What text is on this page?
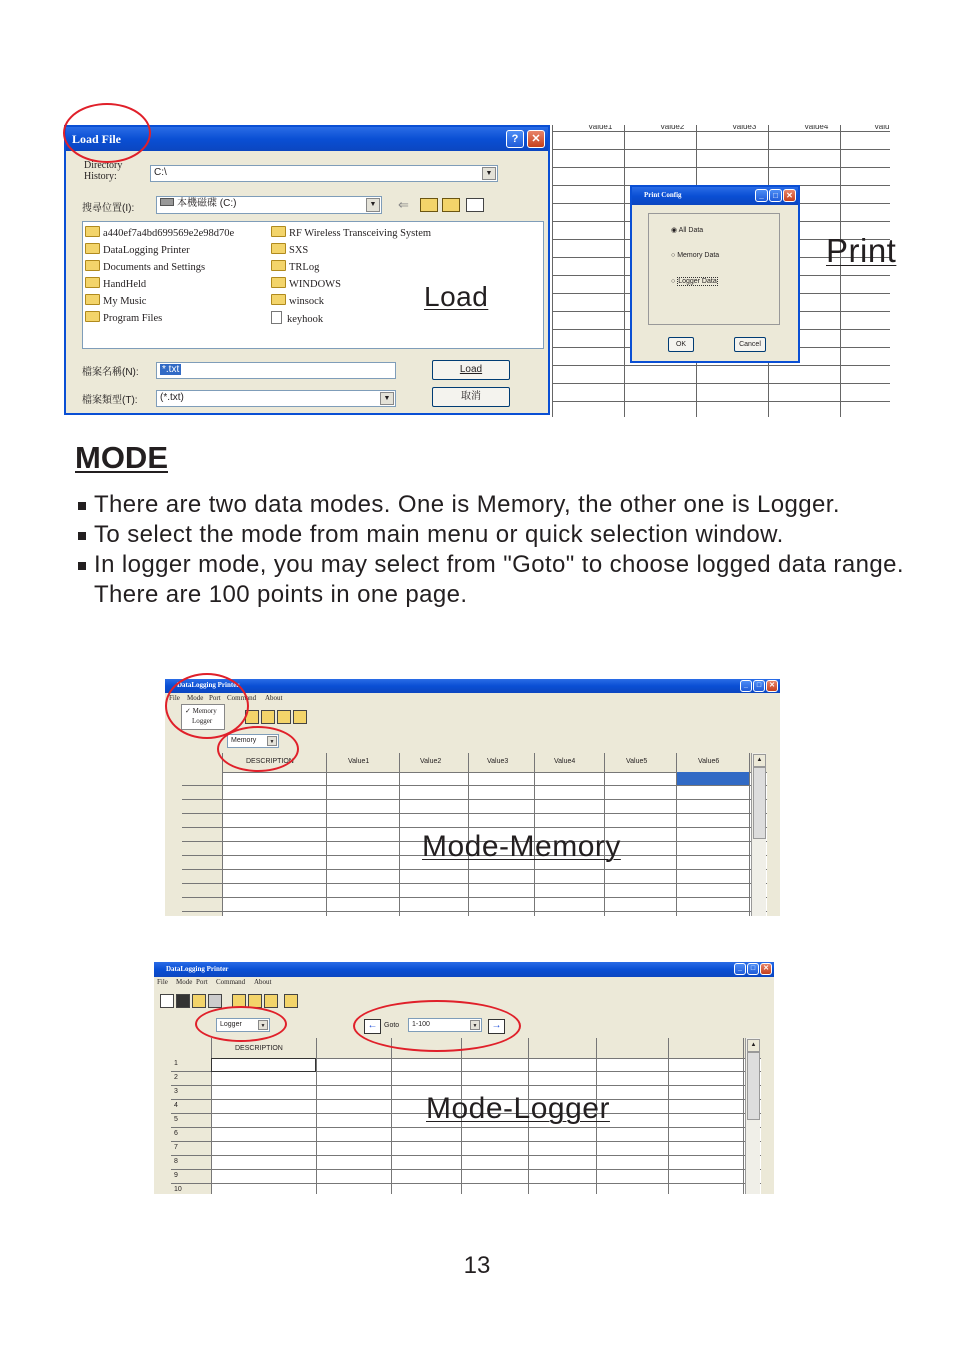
Load File	?	✕
Directory History:	C:\	▼
搜尋位置(I):	本機磁碟 (C:)	▼ ⇐
a440ef7a4bd699569e2e98d70e
DataLogging Printer
Documents and Settings
HandHeld
My Music
Program Files
RF Wireless Transceiving System
SXS
TRLog
WINDOWS
winsock
keyhook
Load
檔案名稱(N):	*.txt	Load
檔案類型(T):	(*.txt)	▼	取消
Value1	Value2	Value3	Value4	Valu
Print Config	_	□	✕
◉ All Data
○ Memory Data
○ Logger Data
OK	Cancel
Print
MODE
There are two data modes. One is Memory, the other one is Logger.
To select the mode from main menu or quick selection window.
In logger mode, you may select from "Goto" to choose logged data range. There are 100 points in one page.
DataLogging Printer	_	□	✕
File Mode Port Command About
✓ Memory
Logger
Memory	▼
DESCRIPTION	Value1	Value2	Value3	Value4	Value5	Value6	▲
Mode-Memory
DataLogging Printer	_	□	✕
File Mode Port Command About
Logger	▼	← Goto	1-100	▼	→
DESCRIPTION
1
2
3
4
5
6
7
8
9
10
▲
Mode-Logger
13
